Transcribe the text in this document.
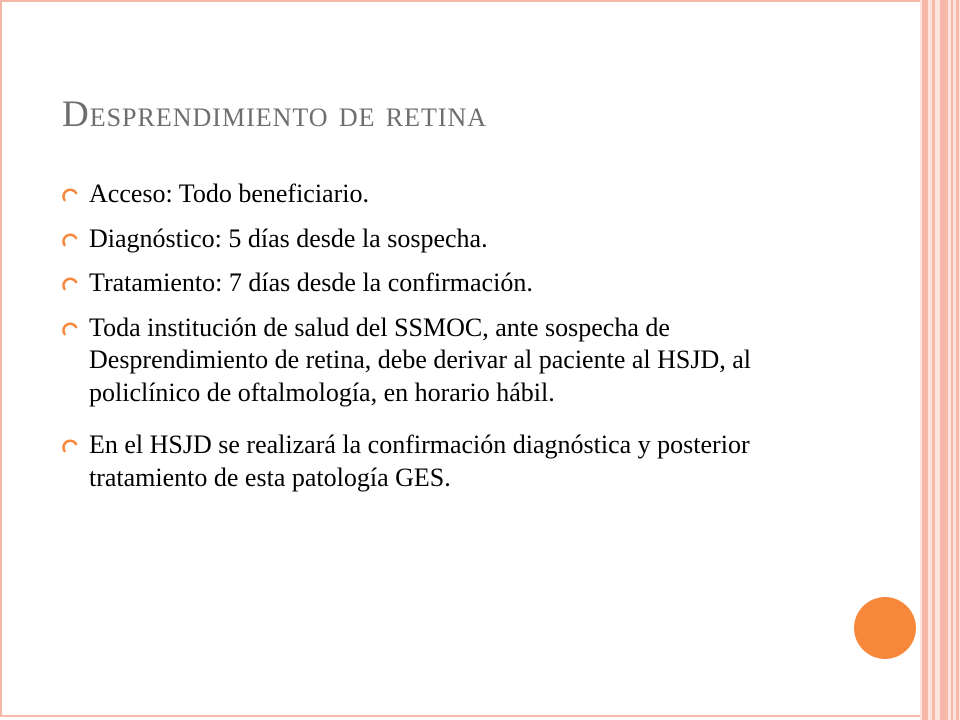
Desprendimiento de retina
Acceso: Todo beneficiario.
Diagnóstico: 5 días desde la sospecha.
Tratamiento: 7 días desde la confirmación.
Toda institución de salud del SSMOC, ante sospecha de Desprendimiento de retina, debe derivar al paciente al HSJD, al policlínico de oftalmología, en horario hábil.
En el HSJD se realizará la confirmación diagnóstica y posterior tratamiento de esta patología GES.
